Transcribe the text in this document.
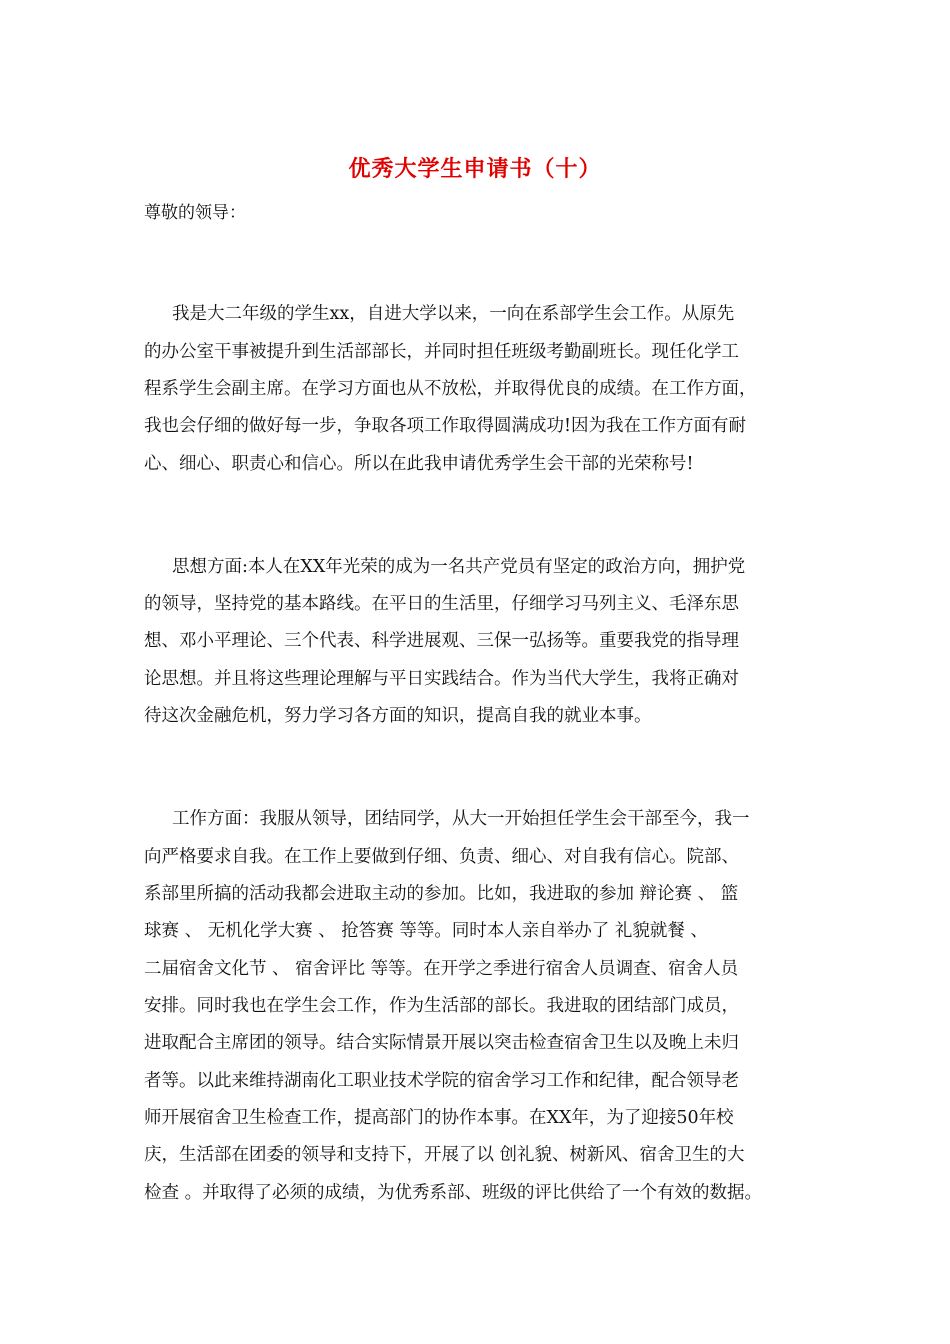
优秀大学生申请书（十）
尊敬的领导：
我是大二年级的学生xx，自进大学以来，一向在系部学生会工作。从原先
的办公室干事被提升到生活部部长，并同时担任班级考勤副班长。现任化学工
程系学生会副主席。在学习方面也从不放松，并取得优良的成绩。在工作方面，
我也会仔细的做好每一步，争取各项工作取得圆满成功!因为我在工作方面有耐
心、细心、职责心和信心。所以在此我申请优秀学生会干部的光荣称号!
思想方面:本人在XX年光荣的成为一名共产党员有坚定的政治方向，拥护党
的领导，坚持党的基本路线。在平日的生活里，仔细学习马列主义、毛泽东思
想、邓小平理论、三个代表、科学进展观、三保一弘扬等。重要我党的指导理
论思想。并且将这些理论理解与平日实践结合。作为当代大学生，我将正确对
待这次金融危机，努力学习各方面的知识，提高自我的就业本事。
工作方面：我服从领导，团结同学，从大一开始担任学生会干部至今，我一
向严格要求自我。在工作上要做到仔细、负责、细心、对自我有信心。院部、
系部里所搞的活动我都会进取主动的参加。比如，我进取的参加 辩论赛 、 篮
球赛 、 无机化学大赛 、 抢答赛 等等。同时本人亲自举办了 礼貌就餐 、
二届宿舍文化节 、 宿舍评比 等等。在开学之季进行宿舍人员调查、宿舍人员
安排。同时我也在学生会工作，作为生活部的部长。我进取的团结部门成员，
进取配合主席团的领导。结合实际情景开展以突击检查宿舍卫生以及晚上未归
者等。以此来维持湖南化工职业技术学院的宿舍学习工作和纪律，配合领导老
师开展宿舍卫生检查工作，提高部门的协作本事。在XX年，为了迎接50年校
庆，生活部在团委的领导和支持下，开展了以 创礼貌、树新风、宿舍卫生的大
检查 。并取得了必须的成绩，为优秀系部、班级的评比供给了一个有效的数据。
